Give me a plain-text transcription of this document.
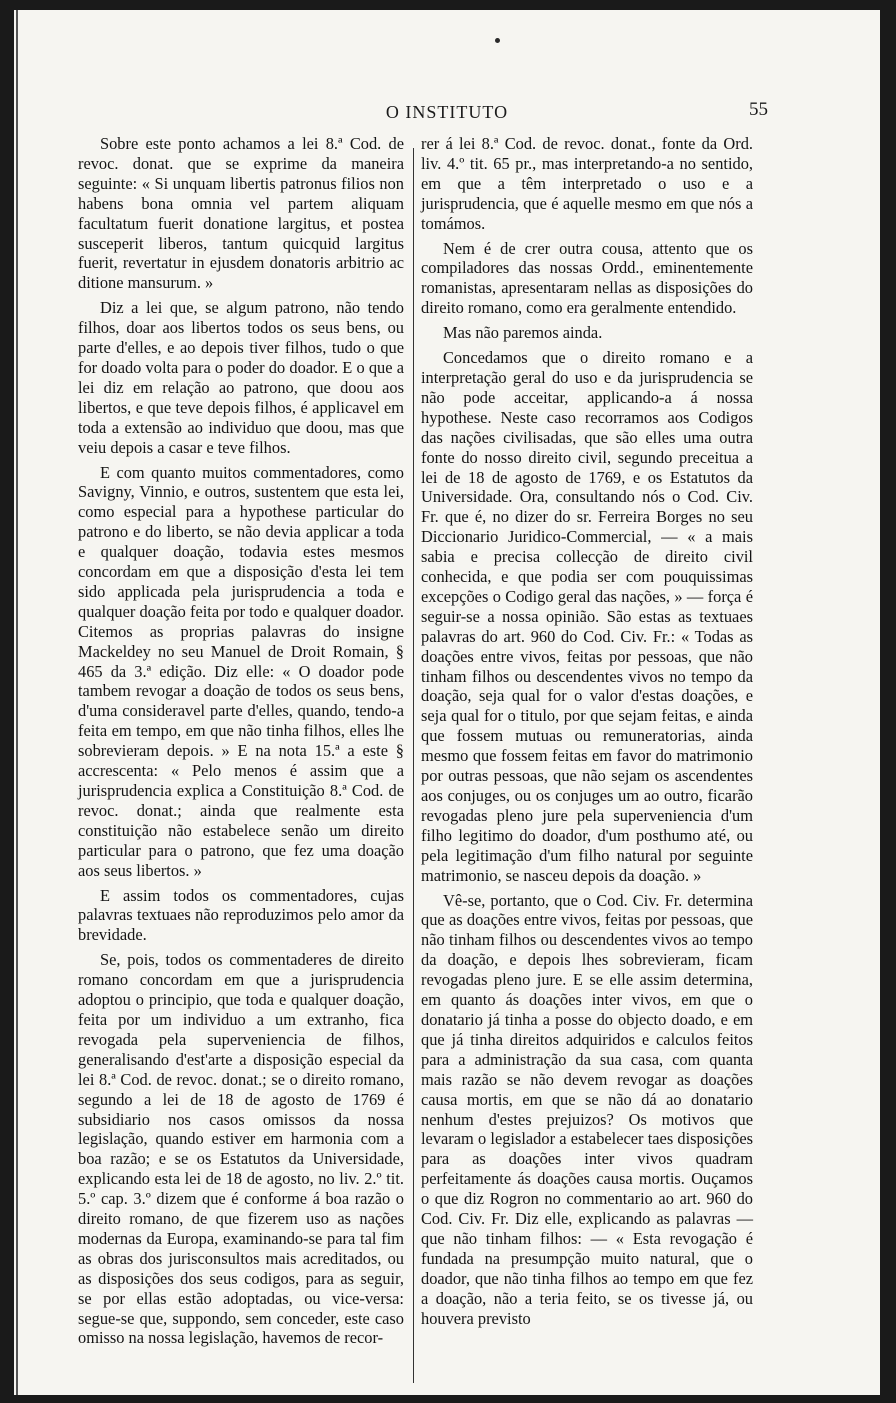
O INSTITUTO	55

Sobre este ponto achamos a lei 8.ª Cod. de revoc. donat. que se exprime da maneira seguinte: « Si unquam libertis patronus filios non habens bona omnia vel partem aliquam facultatum fuerit donatione largitus, et postea susceperit liberos, tantum quicquid largitus fuerit, revertatur in ejusdem donatoris arbitrio ac ditione mansurum. »

Diz a lei que, se algum patrono, não tendo filhos, doar aos libertos todos os seus bens, ou parte d'elles, e ao depois tiver filhos, tudo o que for doado volta para o poder do doador. E o que a lei diz em relação ao patrono, que doou aos libertos, e que teve depois filhos, é applicavel em toda a extensão ao individuo que doou, mas que veiu depois a casar e teve filhos.

E com quanto muitos commentadores, como Savigny, Vinnio, e outros, sustentem que esta lei, como especial para a hypothese particular do patrono e do liberto, se não devia applicar a toda e qualquer doação, todavia estes mesmos concordam em que a disposição d'esta lei tem sido applicada pela jurisprudencia a toda e qualquer doação feita por todo e qualquer doador. Citemos as proprias palavras do insigne Mackeldey no seu Manuel de Droit Romain, § 465 da 3.ª edição. Diz elle: « O doador pode tambem revogar a doação de todos os seus bens, d'uma consideravel parte d'elles, quando, tendo-a feita em tempo, em que não tinha filhos, elles lhe sobrevieram depois. » E na nota 15.ª a este § accrescenta: « Pelo menos é assim que a jurisprudencia explica a Constituição 8.ª Cod. de revoc. donat.; ainda que realmente esta constituição não estabelece senão um direito particular para o patrono, que fez uma doação aos seus libertos. »

E assim todos os commentadores, cujas palavras textuaes não reproduzimos pelo amor da brevidade.

Se, pois, todos os commentaderes de direito romano concordam em que a jurisprudencia adoptou o principio, que toda e qualquer doação, feita por um individuo a um extranho, fica revogada pela superveniencia de filhos, generalisando d'est'arte a disposição especial da lei 8.ª Cod. de revoc. donat.; se o direito romano, segundo a lei de 18 de agosto de 1769 é subsidiario nos casos omissos da nossa legislação, quando estiver em harmonia com a boa razão; e se os Estatutos da Universidade, explicando esta lei de 18 de agosto, no liv. 2.º tit. 5.º cap. 3.º dizem que é conforme á boa razão o direito romano, de que fizerem uso as nações modernas da Europa, examinando-se para tal fim as obras dos jurisconsultos mais acreditados, ou as disposições dos seus codigos, para as seguir, se por ellas estão adoptadas, ou vice-versa: segue-se que, suppondo, sem conceder, este caso omisso na nossa legislação, havemos de recor-

rer á lei 8.ª Cod. de revoc. donat., fonte da Ord. liv. 4.º tit. 65 pr., mas interpretando-a no sentido, em que a têm interpretado o uso e a jurisprudencia, que é aquelle mesmo em que nós a tomámos.

Nem é de crer outra cousa, attento que os compiladores das nossas Ordd., eminentemente romanistas, apresentaram nellas as disposições do direito romano, como era geralmente entendido.

Mas não paremos ainda.

Concedamos que o direito romano e a interpretação geral do uso e da jurisprudencia se não pode acceitar, applicando-a á nossa hypothese. Neste caso recorramos aos Codigos das nações civilisadas, que são elles uma outra fonte do nosso direito civil, segundo preceitua a lei de 18 de agosto de 1769, e os Estatutos da Universidade. Ora, consultando nós o Cod. Civ. Fr. que é, no dizer do sr. Ferreira Borges no seu Diccionario Juridico-Commercial, — « a mais sabia e precisa collecção de direito civil conhecida, e que podia ser com pouquissimas excepções o Codigo geral das nações, » — força é seguir-se a nossa opinião. São estas as textuaes palavras do art. 960 do Cod. Civ. Fr.: « Todas as doações entre vivos, feitas por pessoas, que não tinham filhos ou descendentes vivos no tempo da doação, seja qual for o valor d'estas doações, e seja qual for o titulo, por que sejam feitas, e ainda que fossem mutuas ou remuneratorias, ainda mesmo que fossem feitas em favor do matrimonio por outras pessoas, que não sejam os ascendentes aos conjuges, ou os conjuges um ao outro, ficarão revogadas pleno jure pela superveniencia d'um filho legitimo do doador, d'um posthumo até, ou pela legitimação d'um filho natural por seguinte matrimonio, se nasceu depois da doação. »

Vê-se, portanto, que o Cod. Civ. Fr. determina que as doações entre vivos, feitas por pessoas, que não tinham filhos ou descendentes vivos ao tempo da doação, e depois lhes sobrevieram, ficam revogadas pleno jure. E se elle assim determina, em quanto ás doações inter vivos, em que o donatario já tinha a posse do objecto doado, e em que já tinha direitos adquiridos e calculos feitos para a administração da sua casa, com quanta mais razão se não devem revogar as doações causa mortis, em que se não dá ao donatario nenhum d'estes prejuizos? Os motivos que levaram o legislador a estabelecer taes disposições para as doações inter vivos quadram perfeitamente ás doações causa mortis. Ouçamos o que diz Rogron no commentario ao art. 960 do Cod. Civ. Fr. Diz elle, explicando as palavras — que não tinham filhos: — « Esta revogação é fundada na presumpção muito natural, que o doador, que não tinha filhos ao tempo em que fez a doação, não a teria feito, se os tivesse já, ou houvera previsto
